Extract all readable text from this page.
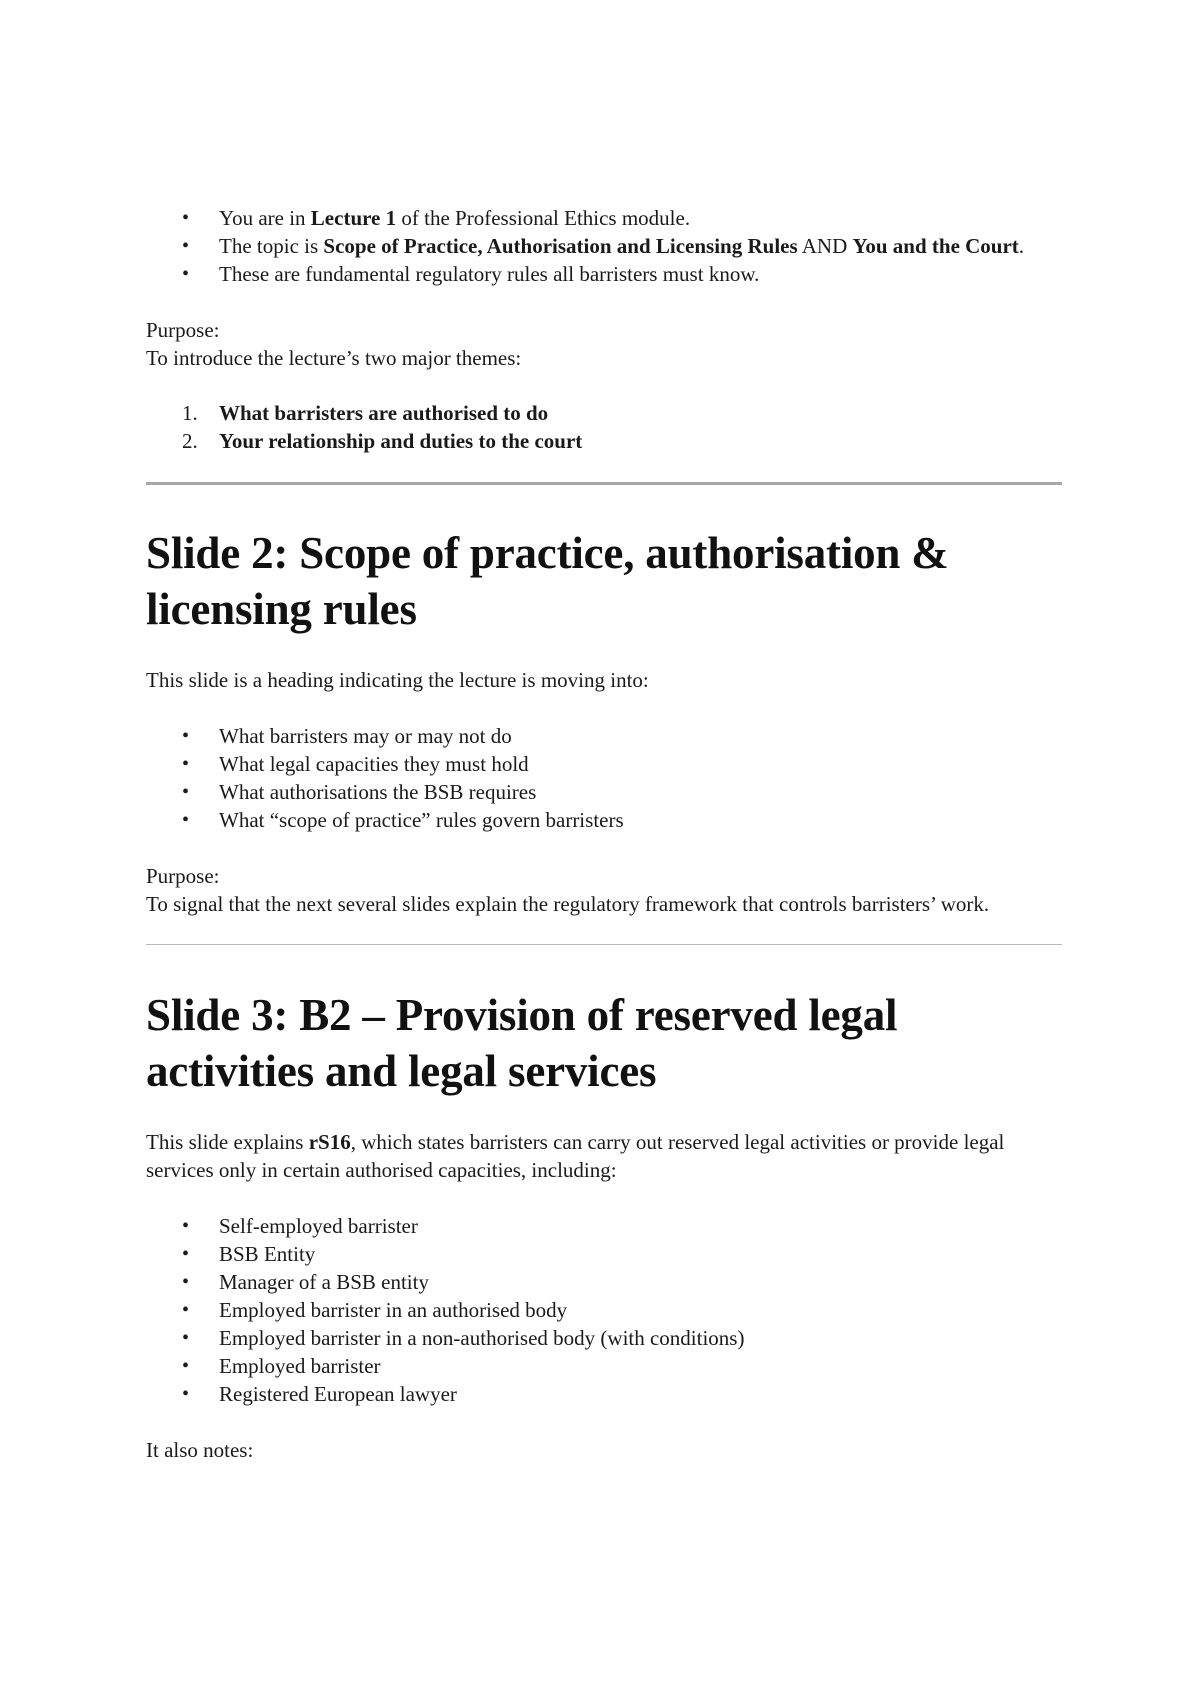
• You are in Lecture 1 of the Professional Ethics module.
• The topic is Scope of Practice, Authorisation and Licensing Rules AND You and the Court.
• These are fundamental regulatory rules all barristers must know.

Purpose:

To introduce the lecture’s two major themes:

1. What barristers are authorised to do
2. Your relationship and duties to the court
Slide 2: Scope of practice, authorisation & licensing rules

This slide is a heading indicating the lecture is moving into:

• What barristers may or may not do
• What legal capacities they must hold
• What authorisations the BSB requires
• What “scope of practice” rules govern barristers

Purpose:

To signal that the next several slides explain the regulatory framework that controls barristers’ work.

Slide 3: B2 – Provision of reserved legal activities and legal services

This slide explains rS16, which states barristers can carry out reserved legal activities or provide legal services only in certain authorised capacities, including:

• Self-employed barrister
• BSB Entity
• Manager of a BSB entity
• Employed barrister in an authorised body
• Employed barrister in a non-authorised body (with conditions)
• Employed barrister
• Registered European lawyer

It also notes:
